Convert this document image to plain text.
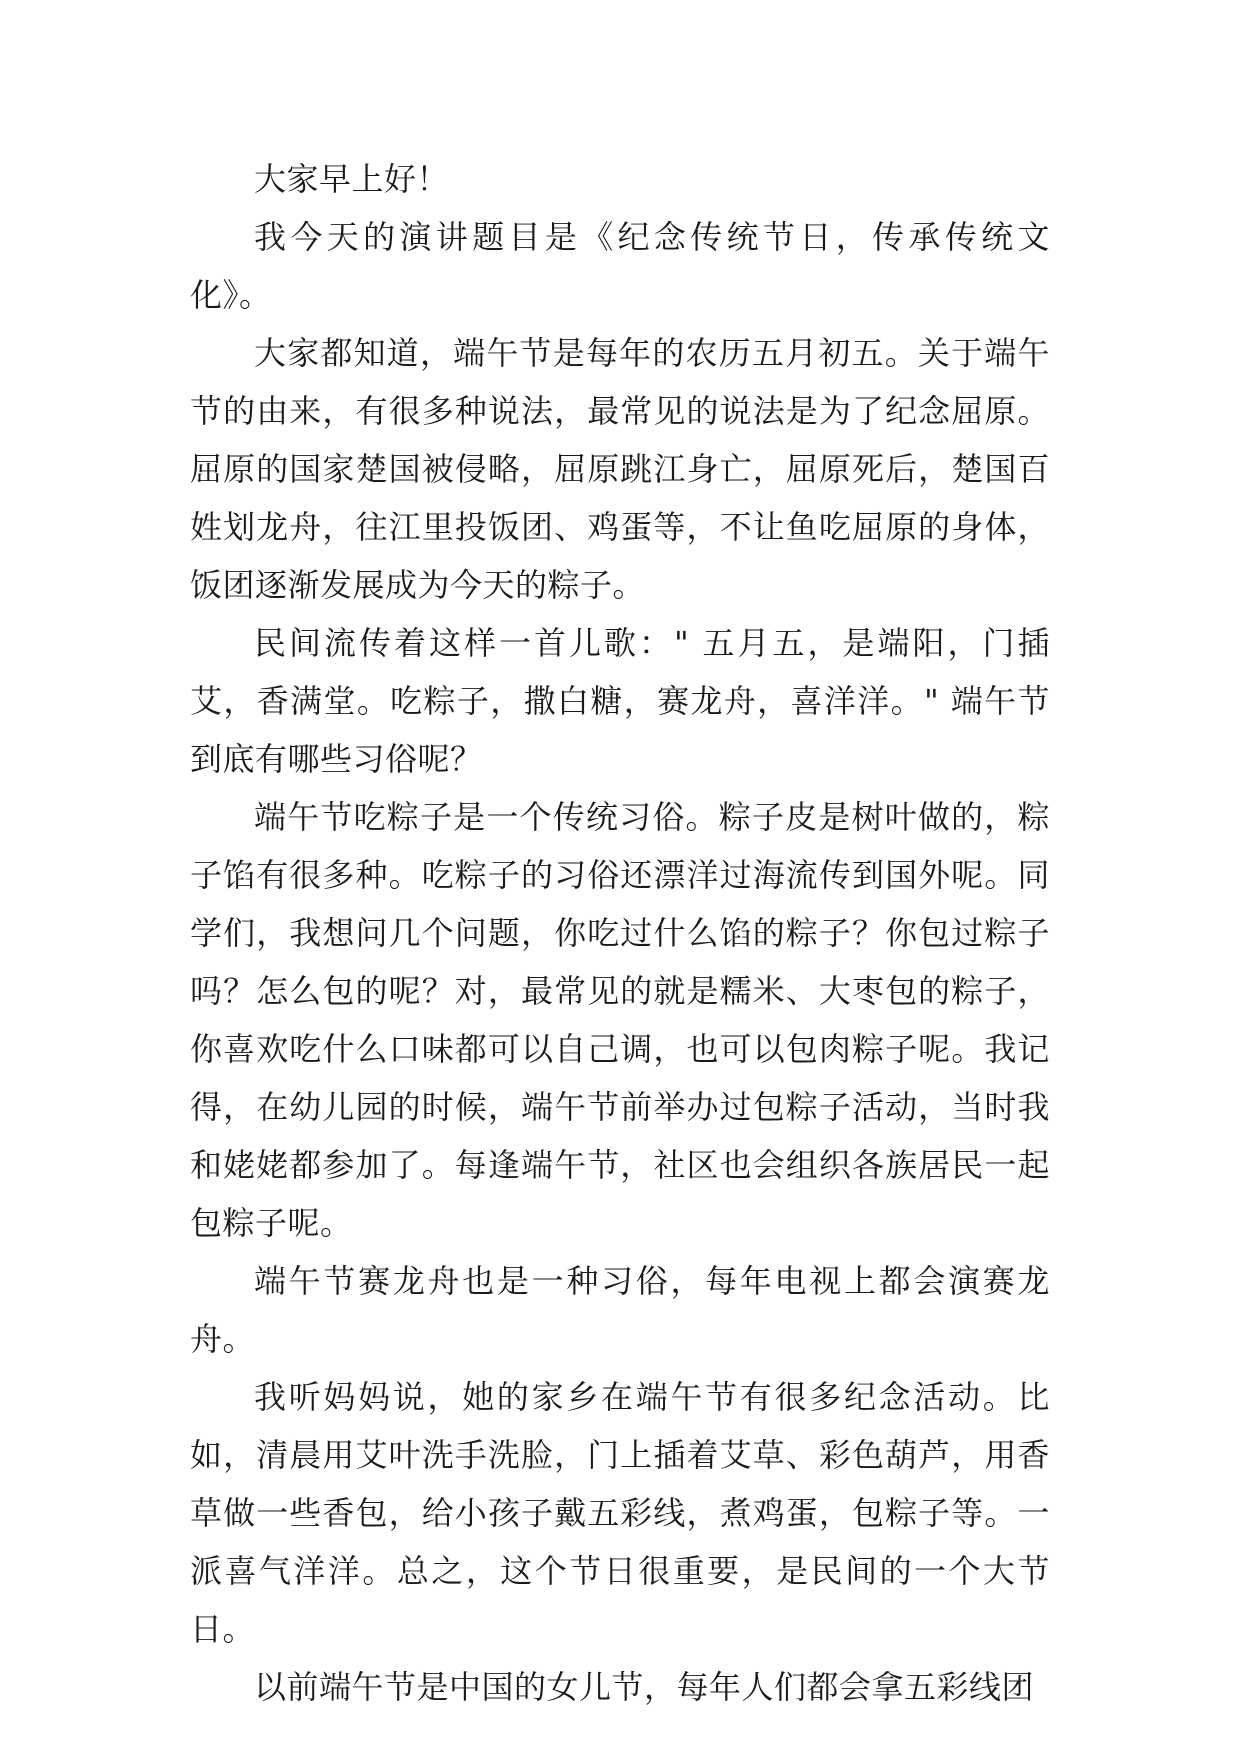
大家早上好！

我今天的演讲题目是《纪念传统节日，传承传统文化》。

大家都知道，端午节是每年的农历五月初五。关于端午节的由来，有很多种说法，最常见的说法是为了纪念屈原。屈原的国家楚国被侵略，屈原跳江身亡，屈原死后，楚国百姓划龙舟，往江里投饭团、鸡蛋等，不让鱼吃屈原的身体，饭团逐渐发展成为今天的粽子。

民间流传着这样一首儿歌：" 五月五，是端阳，门插艾，香满堂。吃粽子，撒白糖，赛龙舟，喜洋洋。" 端午节到底有哪些习俗呢？

端午节吃粽子是一个传统习俗。粽子皮是树叶做的，粽子馅有很多种。吃粽子的习俗还漂洋过海流传到国外呢。同学们，我想问几个问题，你吃过什么馅的粽子？你包过粽子吗？怎么包的呢？对，最常见的就是糯米、大枣包的粽子，你喜欢吃什么口味都可以自己调，也可以包肉粽子呢。我记得，在幼儿园的时候，端午节前举办过包粽子活动，当时我和姥姥都参加了。每逢端午节，社区也会组织各族居民一起包粽子呢。

端午节赛龙舟也是一种习俗，每年电视上都会演赛龙舟。

我听妈妈说，她的家乡在端午节有很多纪念活动。比如，清晨用艾叶洗手洗脸，门上插着艾草、彩色葫芦，用香草做一些香包，给小孩子戴五彩线，煮鸡蛋，包粽子等。一派喜气洋洋。总之，这个节日很重要，是民间的一个大节日。

以前端午节是中国的女儿节，每年人们都会拿五彩线团
